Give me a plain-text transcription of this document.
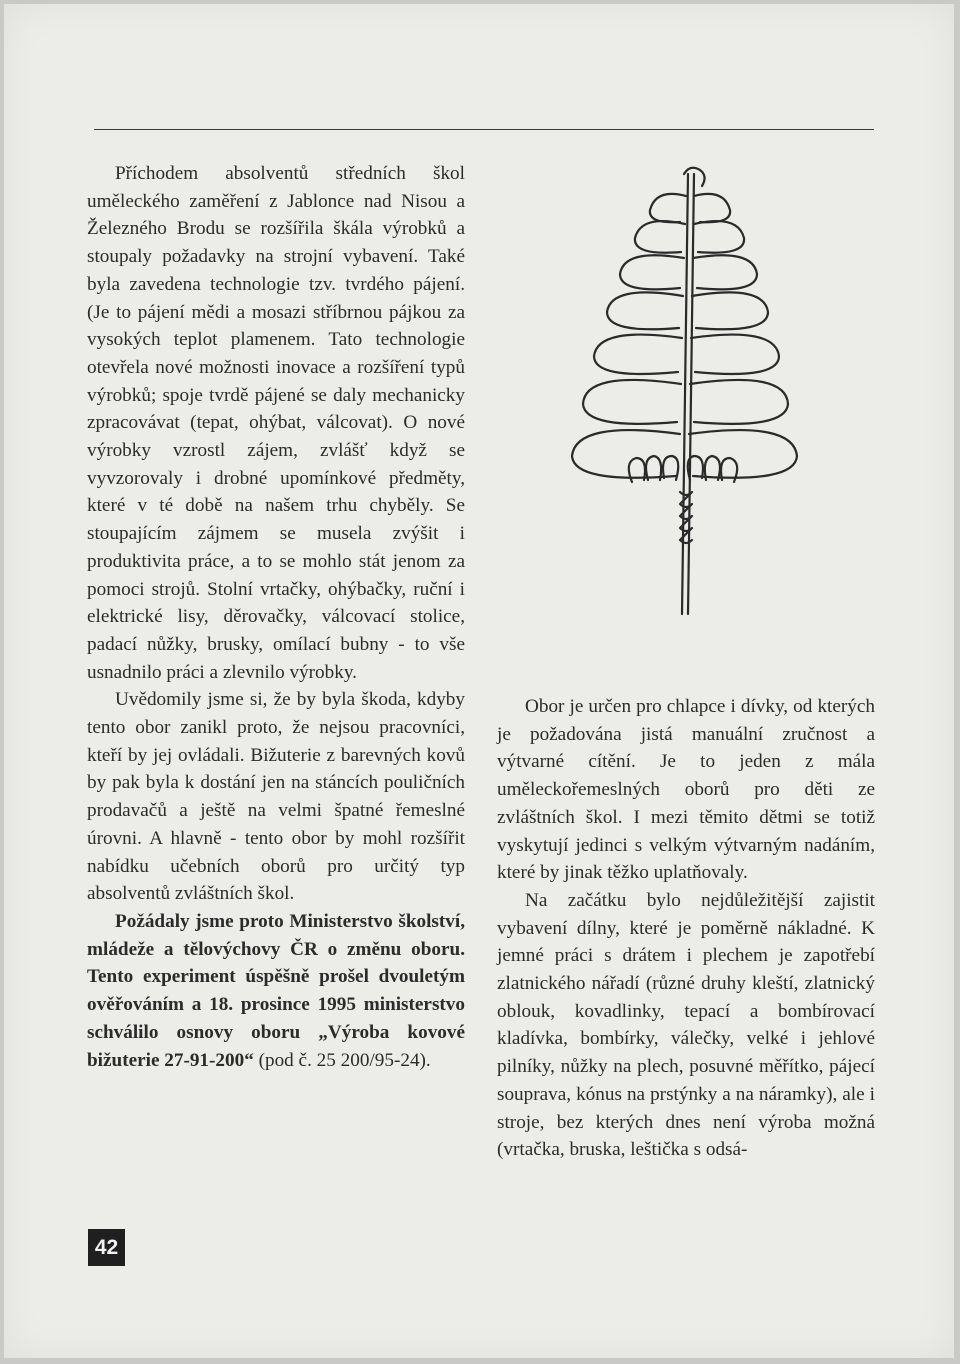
Příchodem absolventů středních škol uměleckého zaměření z Jablonce nad Nisou a Železného Brodu se rozšířila škála výrobků a stoupaly požadavky na strojní vybavení. Také byla zavedena technologie tzv. tvrdého pájení. (Je to pájení mědi a mosazi stříbrnou pájkou za vysokých teplot plamenem. Tato technologie otevřela nové možnosti inovace a rozšíření typů výrobků; spoje tvrdě pájené se daly mechanicky zpracovávat (tepat, ohýbat, válcovat). O nové výrobky vzrostl zájem, zvlášť když se vyvzorovaly i drobné upomínkové předměty, které v té době na našem trhu chyběly. Se stoupajícím zájmem se musela zvýšit i produktivita práce, a to se mohlo stát jenom za pomoci strojů. Stolní vrtačky, ohýbačky, ruční i elektrické lisy, děrovačky, válcovací stolice, padací nůžky, brusky, omílací bubny - to vše usnadnilo práci a zlevnilo výrobky.

Uvědomily jsme si, že by byla škoda, kdyby tento obor zanikl proto, že nejsou pracovníci, kteří by jej ovládali. Bižuterie z barevných kovů by pak byla k dostání jen na stáncích pouličních prodavačů a ještě na velmi špatné řemeslné úrovni. A hlavně - tento obor by mohl rozšířit nabídku učebních oborů pro určitý typ absolventů zvláštních škol.

Požádaly jsme proto Ministerstvo školství, mládeže a tělovýchovy ČR o změnu oboru. Tento experiment úspěšně prošel dvouletým ověřováním a 18. prosince 1995 ministerstvo schválilo osnovy oboru „Výroba kovové bižuterie 27-91-200“ (pod č. 25 200/95-24).

Obor je určen pro chlapce i dívky, od kterých je požadována jistá manuální zručnost a výtvarné cítění. Je to jeden z mála uměleckořemeslných oborů pro děti ze zvláštních škol. I mezi těmito dětmi se totiž vyskytují jedinci s velkým výtvarným nadáním, které by jinak těžko uplatňovaly.

Na začátku bylo nejdůležitější zajistit vybavení dílny, které je poměrně nákladné. K jemné práci s drátem i plechem je zapotřebí zlatnického nářadí (různé druhy kleští, zlatnický oblouk, kovadlinky, tepací a bombírovací kladívka, bombírky, válečky, velké i jehlové pilníky, nůžky na plech, posuvné měřítko, pájecí souprava, kónus na prstýnky a na náramky), ale i stroje, bez kterých dnes není výroba možná (vrtačka, bruska, leštička s odsá-

42
